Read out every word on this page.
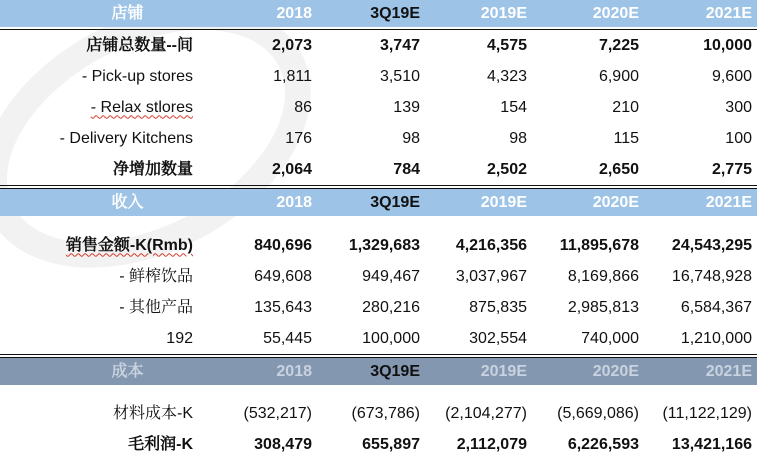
店铺	2018	3Q19E	2019E	2020E	2021E
店铺总数量--间	2,073	3,747	4,575	7,225	10,000
- Pick-up stores	1,811	3,510	4,323	6,900	9,600
- Relax stlores	86	139	154	210	300
- Delivery Kitchens	176	98	98	115	100
净增加数量	2,064	784	2,502	2,650	2,775
收入	2018	3Q19E	2019E	2020E	2021E
销售金额-K(Rmb)	840,696	1,329,683	4,216,356	11,895,678	24,543,295
- 鲜榨饮品	649,608	949,467	3,037,967	8,169,866	16,748,928
- 其他产品	135,643	280,216	875,835	2,985,813	6,584,367
192	55,445	100,000	302,554	740,000	1,210,000
成本	2018	3Q19E	2019E	2020E	2021E
材料成本-K	(532,217)	(673,786)	(2,104,277)	(5,669,086)	(11,122,129)
毛利润-K	308,479	655,897	2,112,079	6,226,593	13,421,166
